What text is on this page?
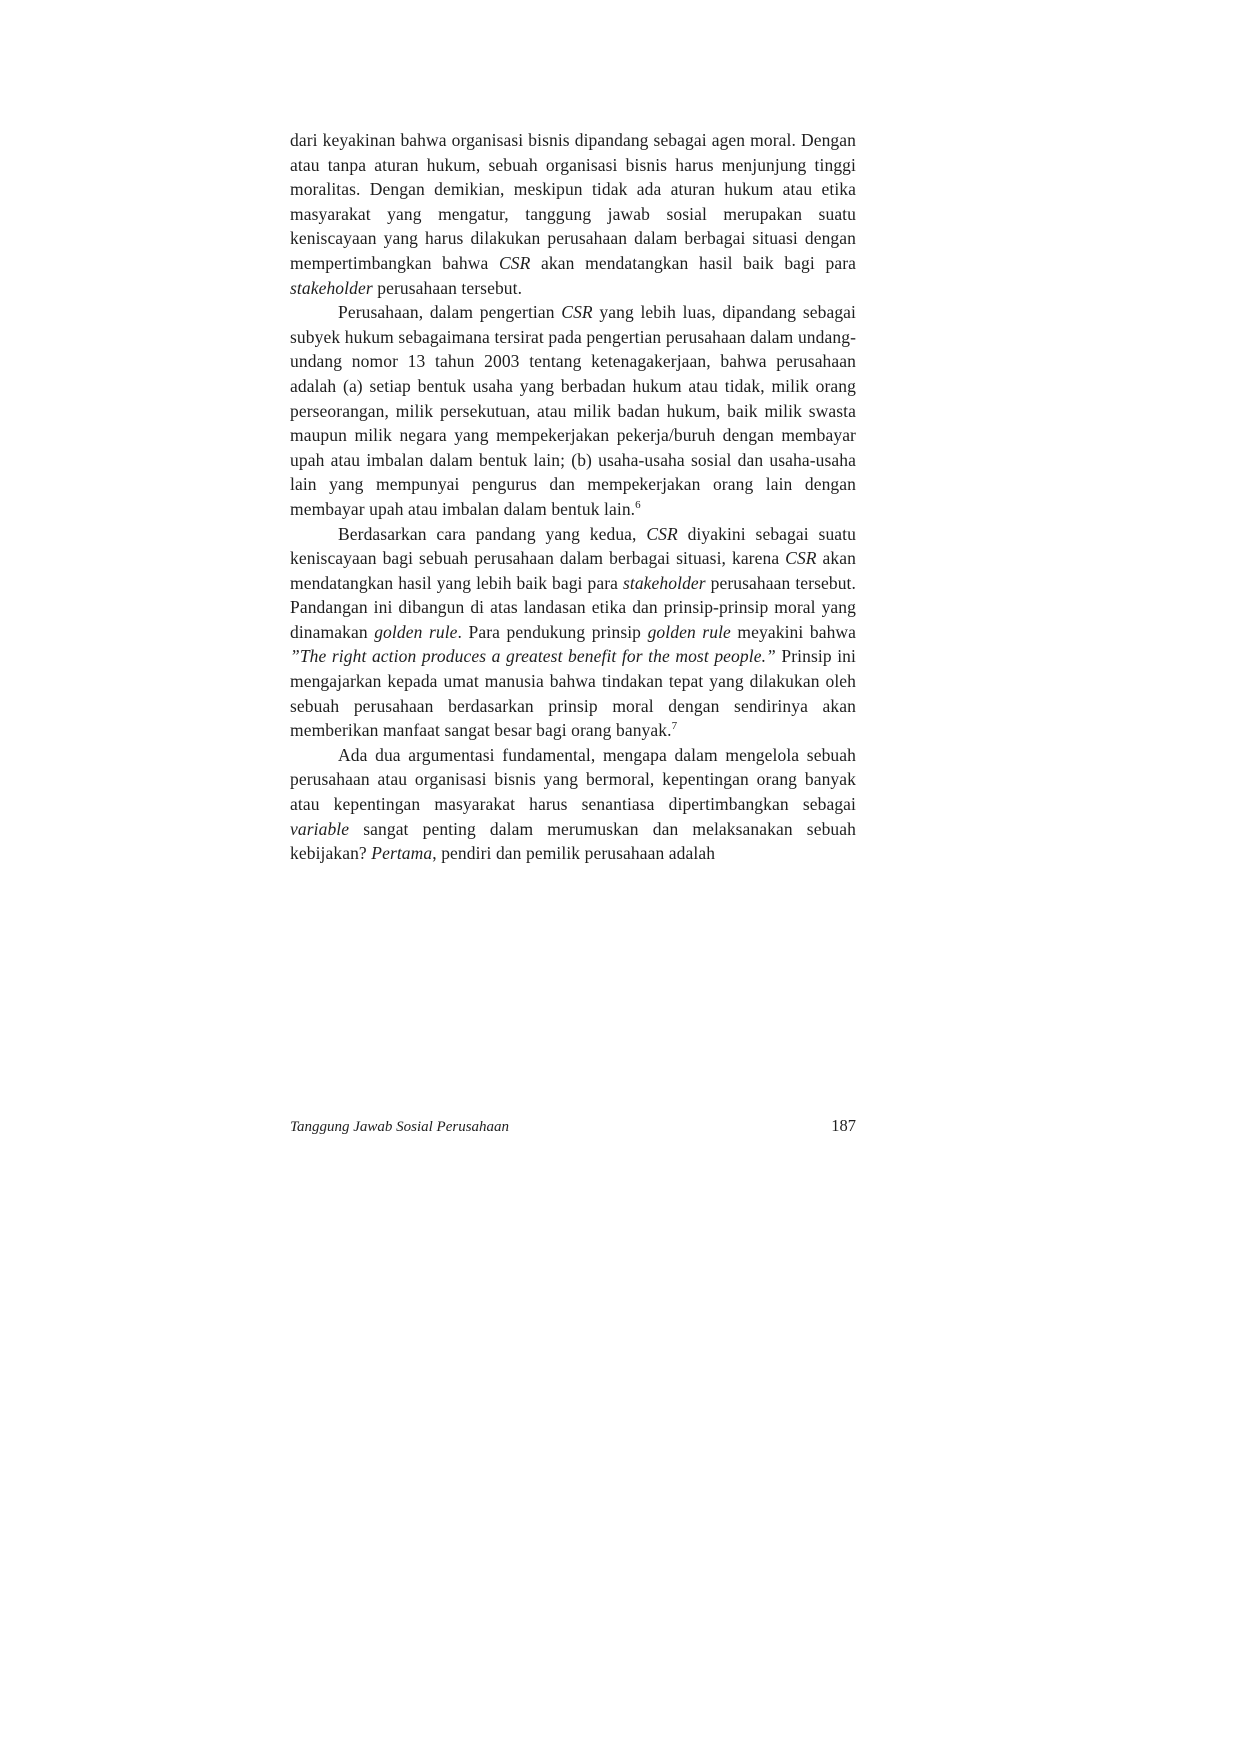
dari keyakinan bahwa organisasi bisnis dipandang sebagai agen moral. Dengan atau tanpa aturan hukum, sebuah organisasi bisnis harus menjunjung tinggi moralitas. Dengan demikian, meskipun tidak ada aturan hukum atau etika masyarakat yang mengatur, tanggung jawab sosial merupakan suatu keniscayaan yang harus dilakukan perusahaan dalam berbagai situasi dengan mempertimbangkan bahwa CSR akan mendatangkan hasil baik bagi para stakeholder perusahaan tersebut.

Perusahaan, dalam pengertian CSR yang lebih luas, dipandang sebagai subyek hukum sebagaimana tersirat pada pengertian perusahaan dalam undang-undang nomor 13 tahun 2003 tentang ketenagakerjaan, bahwa perusahaan adalah (a) setiap bentuk usaha yang berbadan hukum atau tidak, milik orang perseorangan, milik persekutuan, atau milik badan hukum, baik milik swasta maupun milik negara yang mempekerjakan pekerja/buruh dengan membayar upah atau imbalan dalam bentuk lain; (b) usaha-usaha sosial dan usaha-usaha lain yang mempunyai pengurus dan mempekerjakan orang lain dengan membayar upah atau imbalan dalam bentuk lain.$^6$

Berdasarkan cara pandang yang kedua, CSR diyakini sebagai suatu keniscayaan bagi sebuah perusahaan dalam berbagai situasi, karena CSR akan mendatangkan hasil yang lebih baik bagi para stakeholder perusahaan tersebut. Pandangan ini dibangun di atas landasan etika dan prinsip-prinsip moral yang dinamakan golden rule. Para pendukung prinsip golden rule meyakini bahwa ”The right action produces a greatest benefit for the most people.” Prinsip ini mengajarkan kepada umat manusia bahwa tindakan tepat yang dilakukan oleh sebuah perusahaan berdasarkan prinsip moral dengan sendirinya akan memberikan manfaat sangat besar bagi orang banyak.$^7$

Ada dua argumentasi fundamental, mengapa dalam mengelola sebuah perusahaan atau organisasi bisnis yang bermoral, kepentingan orang banyak atau kepentingan masyarakat harus senantiasa dipertimbangkan sebagai variable sangat penting dalam merumuskan dan melaksanakan sebuah kebijakan? Pertama, pendiri dan pemilik perusahaan adalah

Tanggung Jawab Sosial Perusahaan	187
